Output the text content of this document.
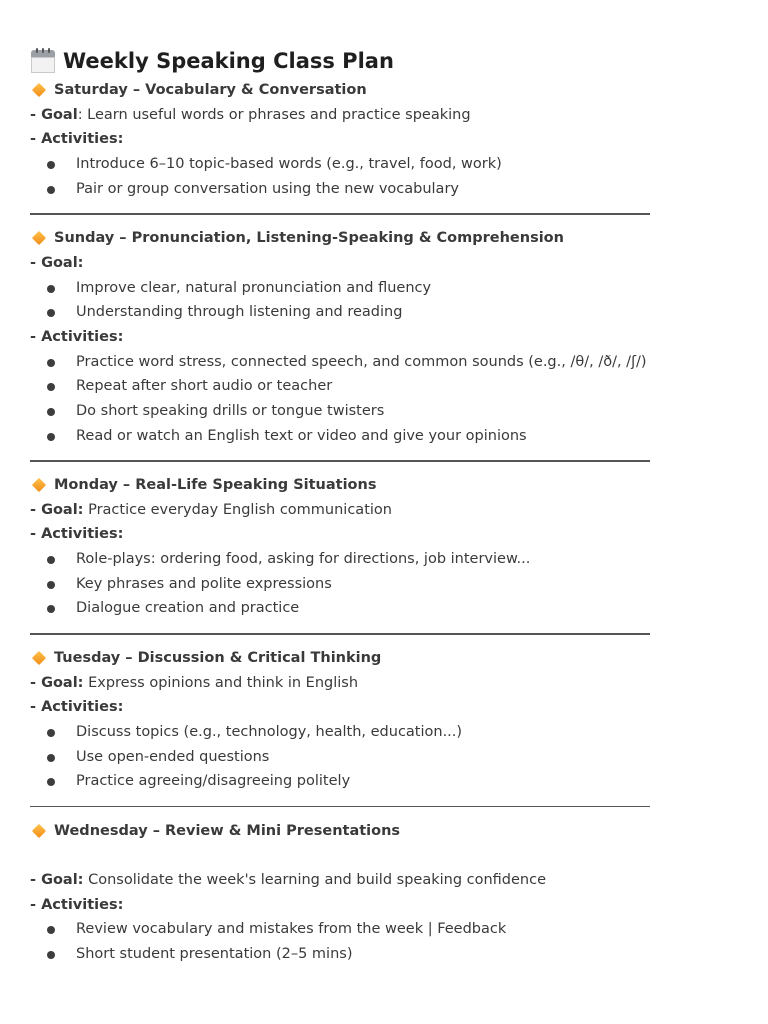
Weekly Speaking Class Plan
Saturday – Vocabulary & Conversation
- Goal: Learn useful words or phrases and practice speaking
- Activities:
Introduce 6–10 topic-based words (e.g., travel, food, work)
Pair or group conversation using the new vocabulary
Sunday – Pronunciation, Listening-Speaking & Comprehension
- Goal:
Improve clear, natural pronunciation and fluency
Understanding through listening and reading
- Activities:
Practice word stress, connected speech, and common sounds (e.g., /θ/, /ð/, /ʃ/)
Repeat after short audio or teacher
Do short speaking drills or tongue twisters
Read or watch an English text or video and give your opinions
Monday – Real-Life Speaking Situations
- Goal: Practice everyday English communication
- Activities:
Role-plays: ordering food, asking for directions, job interview...
Key phrases and polite expressions
Dialogue creation and practice
Tuesday – Discussion & Critical Thinking
- Goal: Express opinions and think in English
- Activities:
Discuss topics (e.g., technology, health, education...)
Use open-ended questions
Practice agreeing/disagreeing politely
Wednesday – Review & Mini Presentations
- Goal: Consolidate the week's learning and build speaking confidence
- Activities:
Review vocabulary and mistakes from the week | Feedback
Short student presentation (2–5 mins)
